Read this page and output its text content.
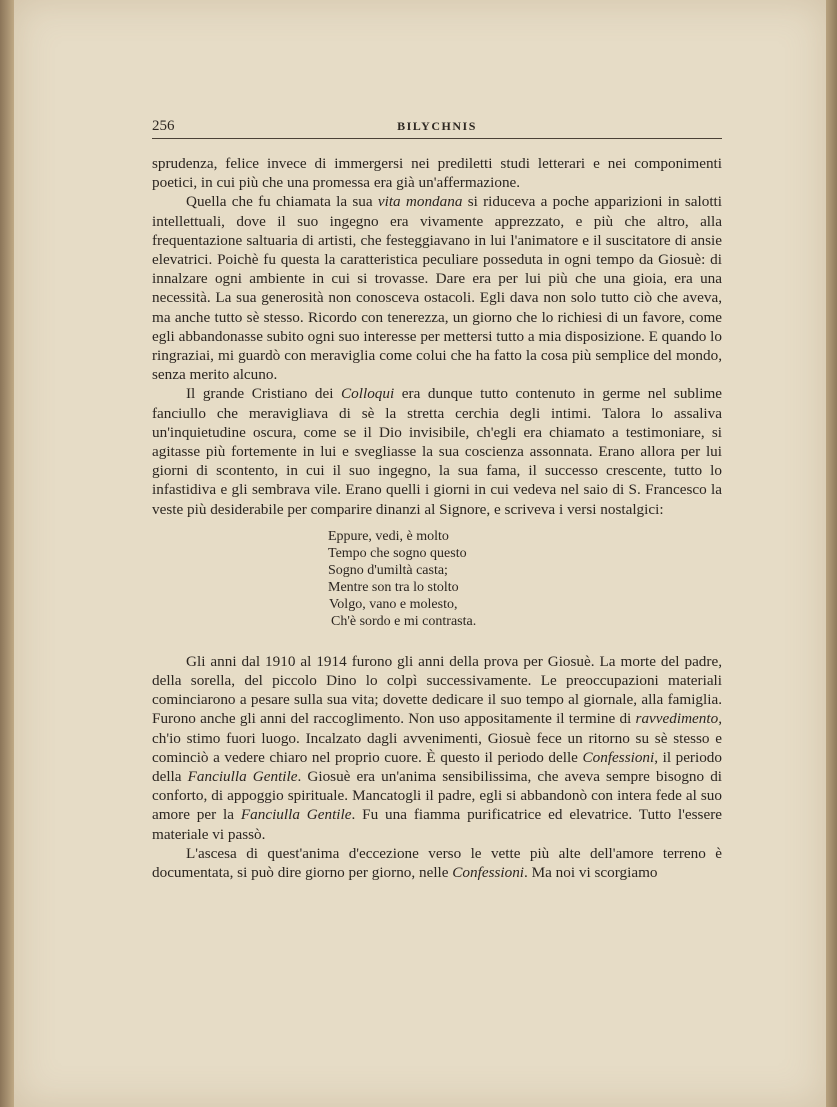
256	BILYCHNIS

sprudenza, felice invece di immergersi nei prediletti studi letterari e nei componimenti poetici, in cui più che una promessa era già un'affermazione.

Quella che fu chiamata la sua vita mondana si riduceva a poche apparizioni in salotti intellettuali, dove il suo ingegno era vivamente apprezzato, e più che altro, alla frequentazione saltuaria di artisti, che festeggiavano in lui l'animatore e il suscitatore di ansie elevatrici. Poichè fu questa la caratteristica peculiare posseduta in ogni tempo da Giosuè: di innalzare ogni ambiente in cui si trovasse. Dare era per lui più che una gioia, era una necessità. La sua generosità non conosceva ostacoli. Egli dava non solo tutto ciò che aveva, ma anche tutto sè stesso. Ricordo con tenerezza, un giorno che lo richiesi di un favore, come egli abbandonasse subito ogni suo interesse per mettersi tutto a mia disposizione. E quando lo ringraziai, mi guardò con meraviglia come colui che ha fatto la cosa più semplice del mondo, senza merito alcuno.

Il grande Cristiano dei Colloqui era dunque tutto contenuto in germe nel sublime fanciullo che meravigliava di sè la stretta cerchia degli intimi. Talora lo assaliva un'inquietudine oscura, come se il Dio invisibile, ch'egli era chiamato a testimoniare, si agitasse più fortemente in lui e svegliasse la sua coscienza assonnata. Erano allora per lui giorni di scontento, in cui il suo ingegno, la sua fama, il successo crescente, tutto lo infastidiva e gli sembrava vile. Erano quelli i giorni in cui vedeva nel saio di S. Francesco la veste più desiderabile per comparire dinanzi al Signore, e scriveva i versi nostalgici:

Eppure, vedi, è molto
Tempo che sogno questo
Sogno d'umiltà casta;
Mentre son tra lo stolto
Volgo, vano e molesto,
Ch'è sordo e mi contrasta.

Gli anni dal 1910 al 1914 furono gli anni della prova per Giosuè. La morte del padre, della sorella, del piccolo Dino lo colpì successivamente. Le preoccupazioni materiali cominciarono a pesare sulla sua vita; dovette dedicare il suo tempo al giornale, alla famiglia. Furono anche gli anni del raccoglimento. Non uso appositamente il termine di ravvedimento, ch'io stimo fuori luogo. Incalzato dagli avvenimenti, Giosuè fece un ritorno su sè stesso e cominciò a vedere chiaro nel proprio cuore. È questo il periodo delle Confessioni, il periodo della Fanciulla Gentile. Giosuè era un'anima sensibilissima, che aveva sempre bisogno di conforto, di appoggio spirituale. Mancatogli il padre, egli si abbandonò con intera fede al suo amore per la Fanciulla Gentile. Fu una fiamma purificatrice ed elevatrice. Tutto l'essere materiale vi passò.

L'ascesa di quest'anima d'eccezione verso le vette più alte dell'amore terreno è documentata, si può dire giorno per giorno, nelle Confessioni. Ma noi vi scorgiamo
